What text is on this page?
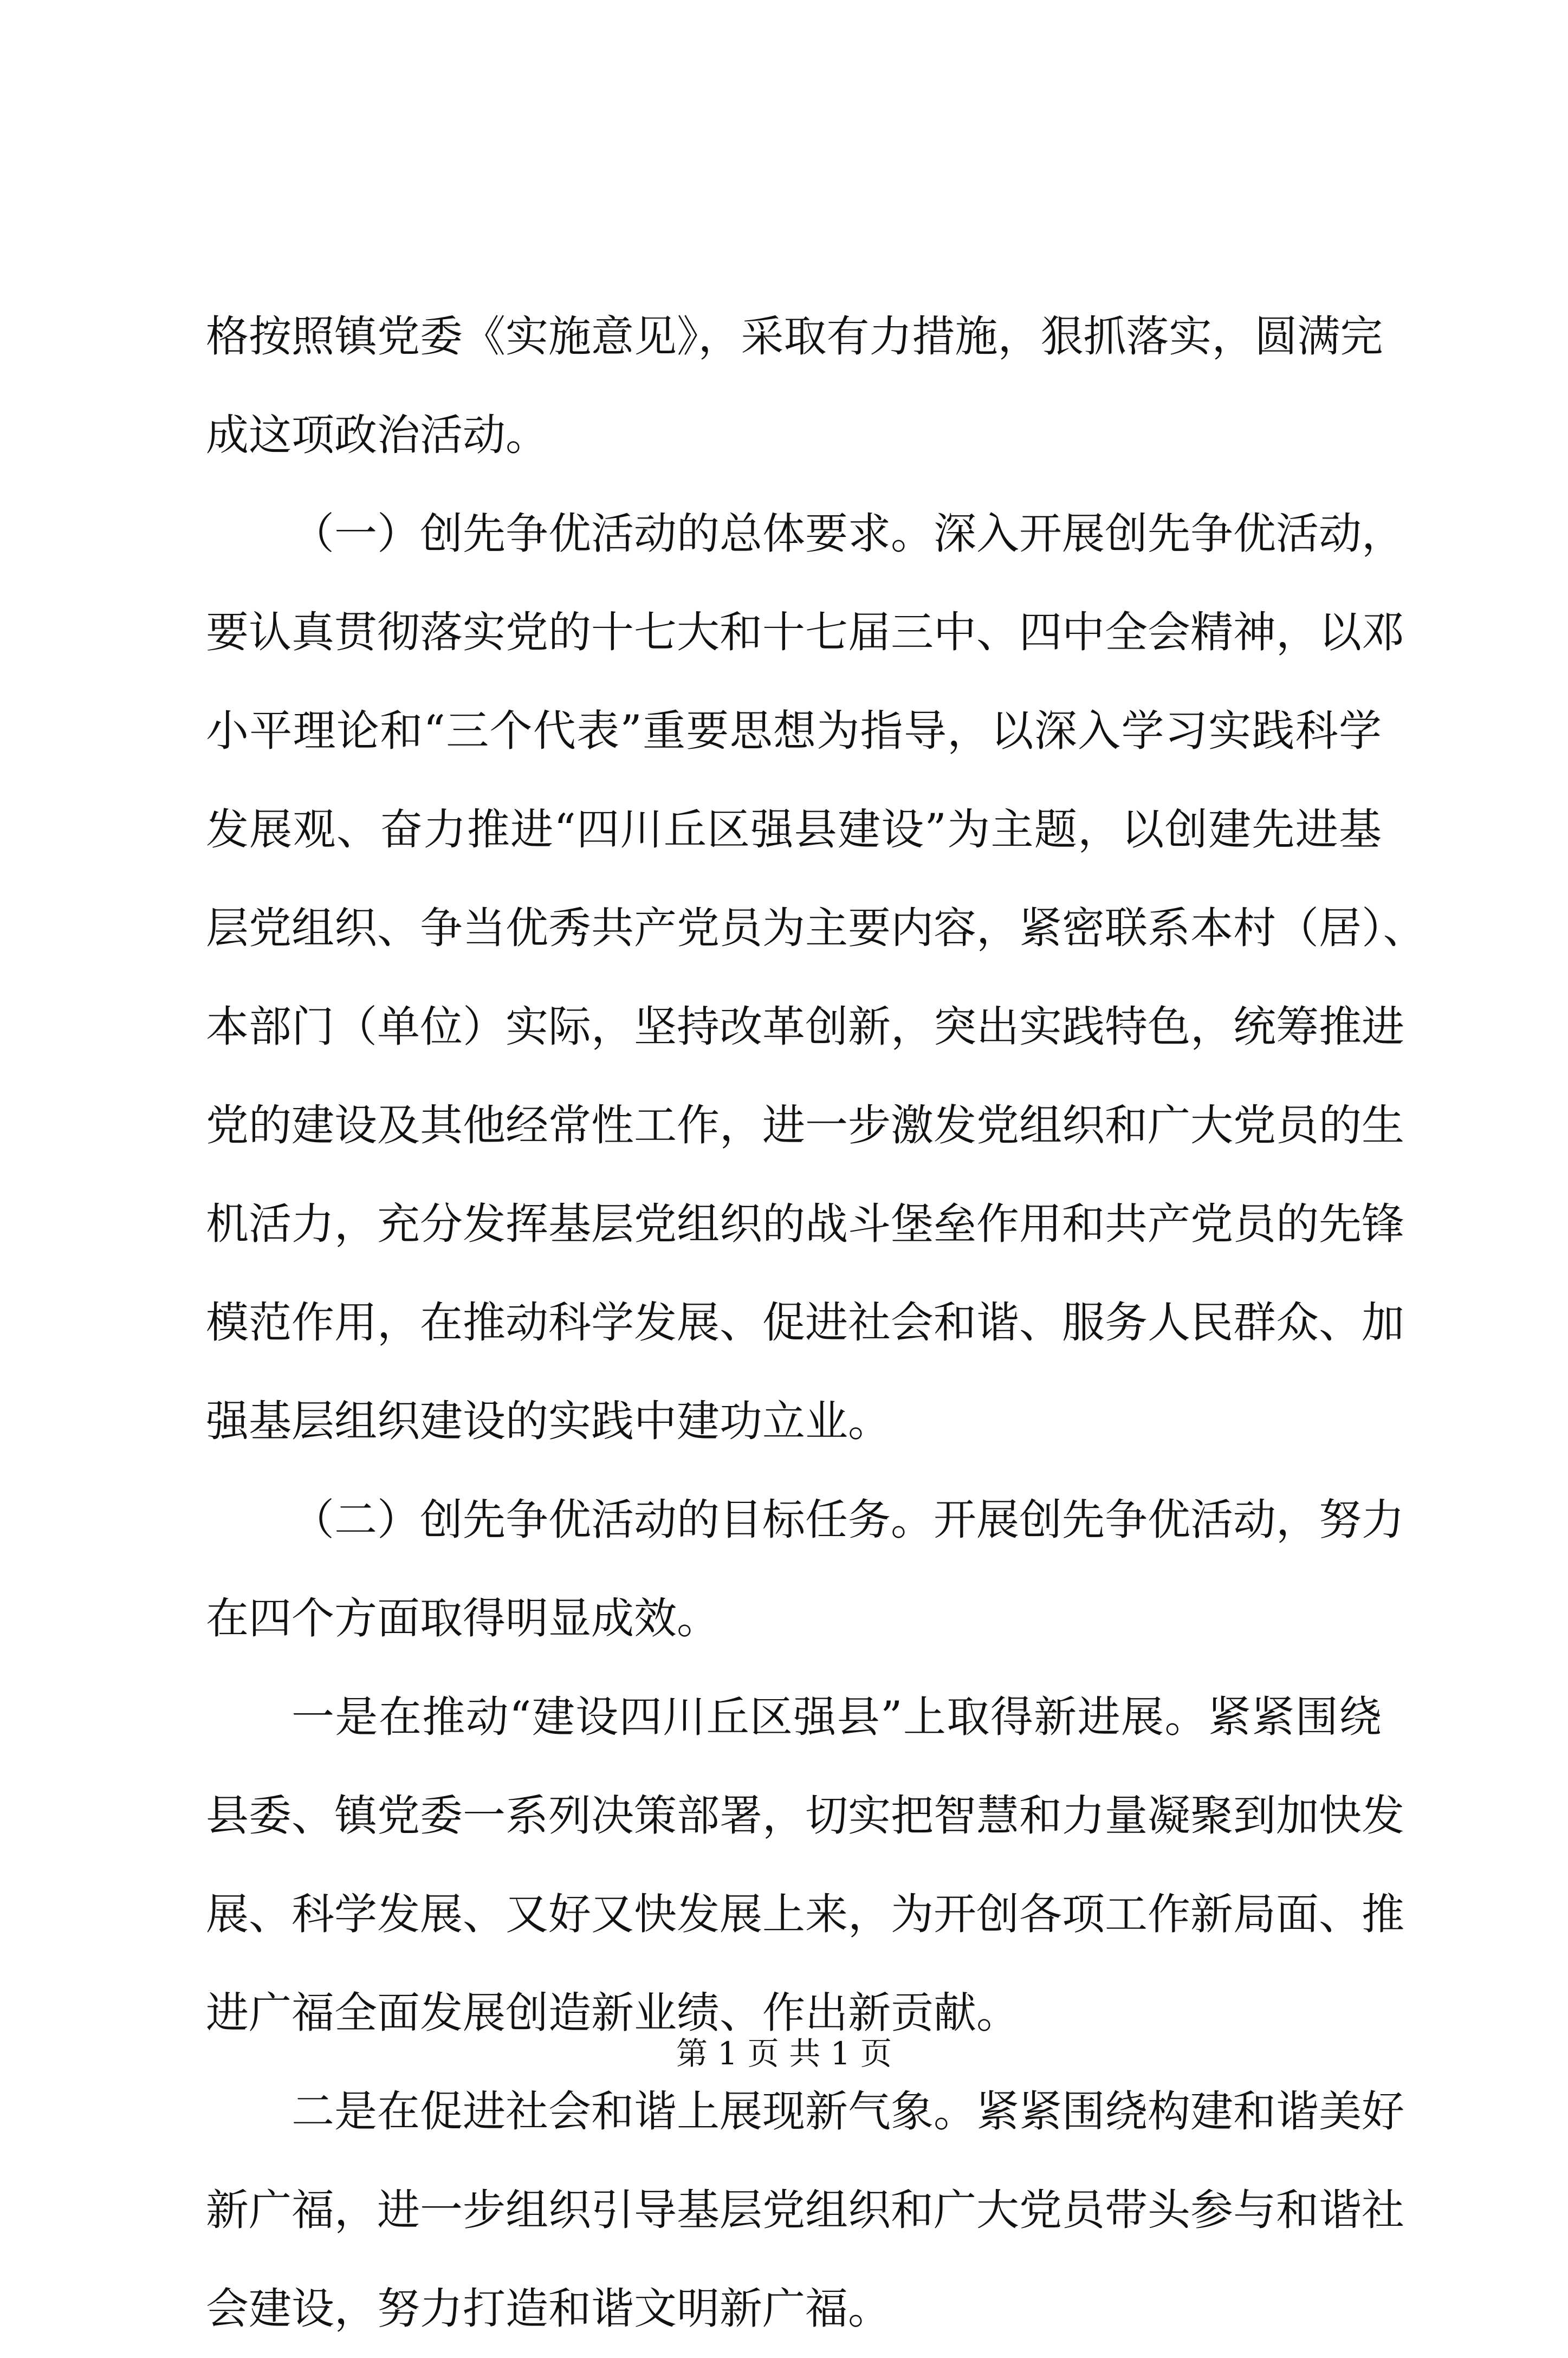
格按照镇党委《实施意见》，采取有力措施，狠抓落实，圆满完
成这项政治活动。
（一）创先争优活动的总体要求。深入开展创先争优活动，
要认真贯彻落实党的十七大和十七届三中、四中全会精神，以邓
小平理论和“三个代表”重要思想为指导，以深入学习实践科学
发展观、奋力推进“四川丘区强县建设”为主题，以创建先进基
层党组织、争当优秀共产党员为主要内容，紧密联系本村（居）、
本部门（单位）实际，坚持改革创新，突出实践特色，统筹推进
党的建设及其他经常性工作，进一步激发党组织和广大党员的生
机活力，充分发挥基层党组织的战斗堡垒作用和共产党员的先锋
模范作用，在推动科学发展、促进社会和谐、服务人民群众、加
强基层组织建设的实践中建功立业。
（二）创先争优活动的目标任务。开展创先争优活动，努力
在四个方面取得明显成效。
一是在推动“建设四川丘区强县”上取得新进展。紧紧围绕
县委、镇党委一系列决策部署，切实把智慧和力量凝聚到加快发
展、科学发展、又好又快发展上来，为开创各项工作新局面、推
进广福全面发展创造新业绩、作出新贡献。
二是在促进社会和谐上展现新气象。紧紧围绕构建和谐美好
新广福，进一步组织引导基层党组织和广大党员带头参与和谐社
会建设，努力打造和谐文明新广福。
第 1 页 共 1 页
